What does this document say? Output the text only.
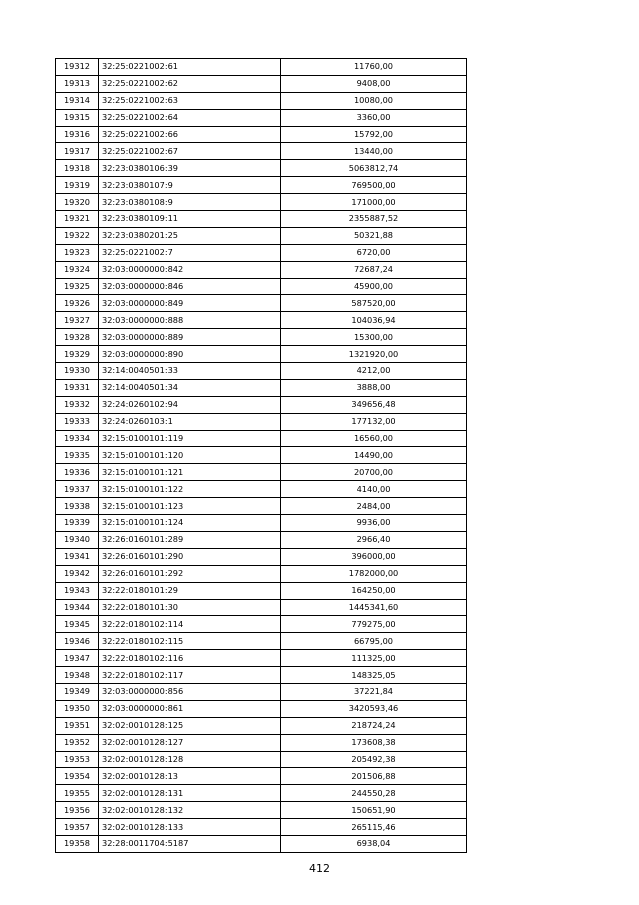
19312	32:25:0221002:61	11760,00
19313	32:25:0221002:62	9408,00
19314	32:25:0221002:63	10080,00
19315	32:25:0221002:64	3360,00
19316	32:25:0221002:66	15792,00
19317	32:25:0221002:67	13440,00
19318	32:23:0380106:39	5063812,74
19319	32:23:0380107:9	769500,00
19320	32:23:0380108:9	171000,00
19321	32:23:0380109:11	2355887,52
19322	32:23:0380201:25	50321,88
19323	32:25:0221002:7	6720,00
19324	32:03:0000000:842	72687,24
19325	32:03:0000000:846	45900,00
19326	32:03:0000000:849	587520,00
19327	32:03:0000000:888	104036,94
19328	32:03:0000000:889	15300,00
19329	32:03:0000000:890	1321920,00
19330	32:14:0040501:33	4212,00
19331	32:14:0040501:34	3888,00
19332	32:24:0260102:94	349656,48
19333	32:24:0260103:1	177132,00
19334	32:15:0100101:119	16560,00
19335	32:15:0100101:120	14490,00
19336	32:15:0100101:121	20700,00
19337	32:15:0100101:122	4140,00
19338	32:15:0100101:123	2484,00
19339	32:15:0100101:124	9936,00
19340	32:26:0160101:289	2966,40
19341	32:26:0160101:290	396000,00
19342	32:26:0160101:292	1782000,00
19343	32:22:0180101:29	164250,00
19344	32:22:0180101:30	1445341,60
19345	32:22:0180102:114	779275,00
19346	32:22:0180102:115	66795,00
19347	32:22:0180102:116	111325,00
19348	32:22:0180102:117	148325,05
19349	32:03:0000000:856	37221,84
19350	32:03:0000000:861	3420593,46
19351	32:02:0010128:125	218724,24
19352	32:02:0010128:127	173608,38
19353	32:02:0010128:128	205492,38
19354	32:02:0010128:13	201506,88
19355	32:02:0010128:131	244550,28
19356	32:02:0010128:132	150651,90
19357	32:02:0010128:133	265115,46
19358	32:28:0011704:5187	6938,04
412
